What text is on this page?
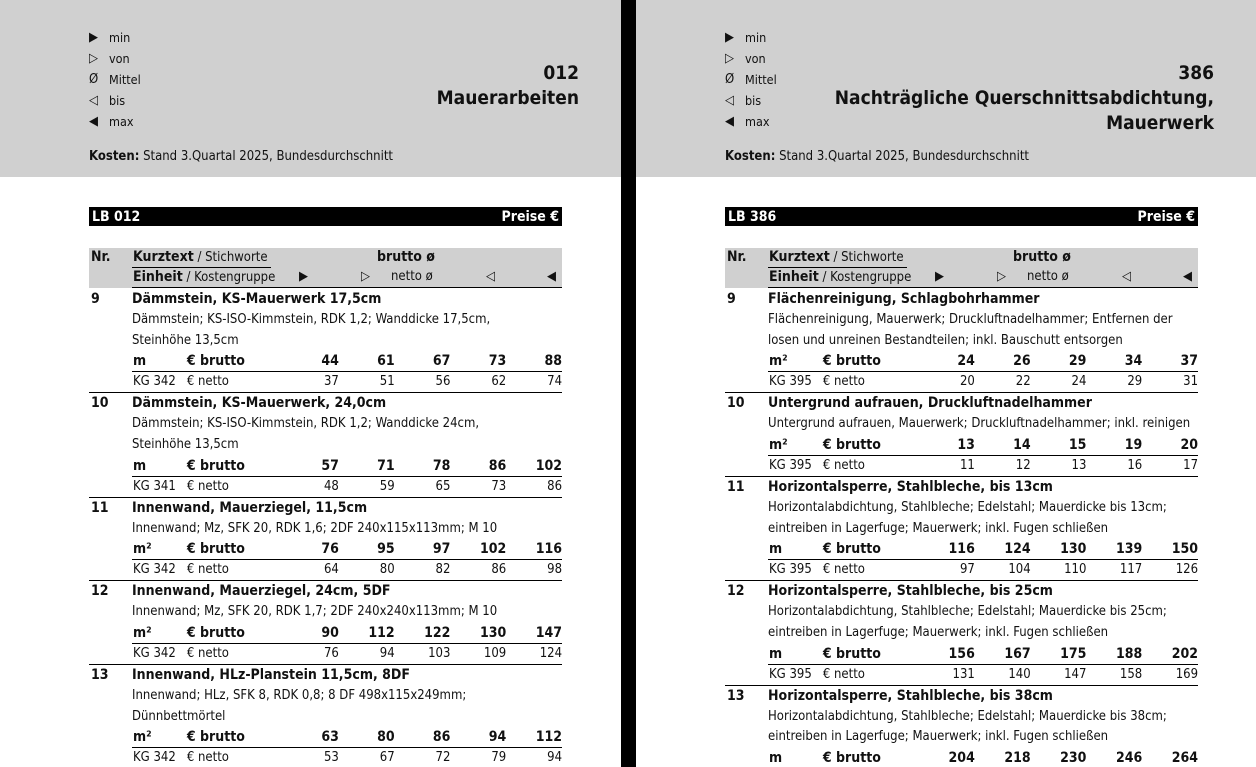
▶ min
▷ von
Ø Mittel
◁ bis
◀ max
012
Mauerarbeiten
Kosten: Stand 3.Quartal 2025, Bundesdurchschnitt
LB 012	Preise €
Nr. Kurztext / Stichworte	brutto ø
Einheit / Kostengruppe ▶	▷ netto ø	◁	◀
9	Dämmstein, KS-Mauerwerk 17,5cm
Dämmstein; KS-ISO-Kimmstein, RDK 1,2; Wanddicke 17,5cm,
Steinhöhe 13,5cm
m	€ brutto	44	61	67	73	88
KG 342 € netto	37	51	56	62	74
10	Dämmstein, KS-Mauerwerk, 24,0cm
Dämmstein; KS-ISO-Kimmstein, RDK 1,2; Wanddicke 24cm,
Steinhöhe 13,5cm
m	€ brutto	57	71	78	86	102
KG 341 € netto	48	59	65	73	86
11	Innenwand, Mauerziegel, 11,5cm
Innenwand; Mz, SFK 20, RDK 1,6; 2DF 240x115x113mm; M 10
m²	€ brutto	76	95	97	102	116
KG 342 € netto	64	80	82	86	98
12	Innenwand, Mauerziegel, 24cm, 5DF
Innenwand; Mz, SFK 20, RDK 1,7; 2DF 240x240x113mm; M 10
m²	€ brutto	90	112	122	130	147
KG 342 € netto	76	94	103	109	124
13	Innenwand, HLz-Planstein 11,5cm, 8DF
Innenwand; HLz, SFK 8, RDK 0,8; 8 DF 498x115x249mm;
Dünnbettmörtel
m²	€ brutto	63	80	86	94	112
KG 342 € netto	53	67	72	79	94
▶ min
▷ von
Ø Mittel
◁ bis
◀ max
386
Nachträgliche Querschnittsabdichtung,
Mauerwerk
Kosten: Stand 3.Quartal 2025, Bundesdurchschnitt
LB 386	Preise €
Nr. Kurztext / Stichworte	brutto ø
Einheit / Kostengruppe ▶	▷ netto ø	◁	◀
9	Flächenreinigung, Schlagbohrhammer
Flächenreinigung, Mauerwerk; Druckluftnadelhammer; Entfernen der
losen und unreinen Bestandteilen; inkl. Bauschutt entsorgen
m²	€ brutto	24	26	29	34	37
KG 395 € netto	20	22	24	29	31
10	Untergrund aufrauen, Druckluftnadelhammer
Untergrund aufrauen, Mauerwerk; Druckluftnadelhammer; inkl. reinigen
m²	€ brutto	13	14	15	19	20
KG 395 € netto	11	12	13	16	17
11	Horizontalsperre, Stahlbleche, bis 13cm
Horizontalabdichtung, Stahlbleche; Edelstahl; Mauerdicke bis 13cm;
eintreiben in Lagerfuge; Mauerwerk; inkl. Fugen schließen
m	€ brutto	116	124	130	139	150
KG 395 € netto	97	104	110	117	126
12	Horizontalsperre, Stahlbleche, bis 25cm
Horizontalabdichtung, Stahlbleche; Edelstahl; Mauerdicke bis 25cm;
eintreiben in Lagerfuge; Mauerwerk; inkl. Fugen schließen
m	€ brutto	156	167	175	188	202
KG 395 € netto	131	140	147	158	169
13	Horizontalsperre, Stahlbleche, bis 38cm
Horizontalabdichtung, Stahlbleche; Edelstahl; Mauerdicke bis 38cm;
eintreiben in Lagerfuge; Mauerwerk; inkl. Fugen schließen
m	€ brutto	204	218	230	246	264
